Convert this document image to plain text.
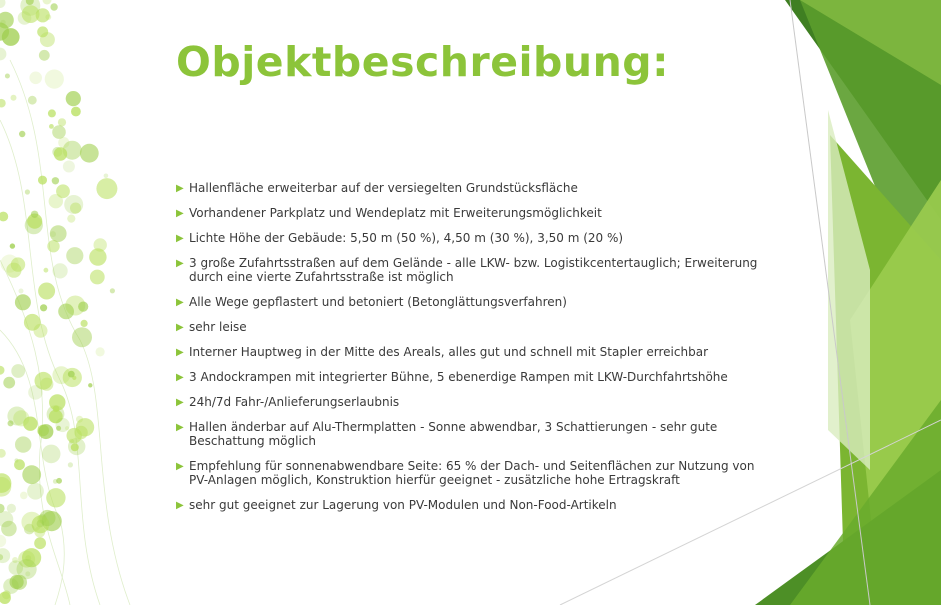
Objektbeschreibung:
▶ Hallenfläche erweiterbar auf der versiegelten Grundstücksfläche
▶ Vorhandener Parkplatz und Wendeplatz mit Erweiterungsmöglichkeit
▶ Lichte Höhe der Gebäude: 5,50 m (50 %), 4,50 m (30 %), 3,50 m (20 %)
▶ 3 große Zufahrtsstraßen auf dem Gelände - alle LKW- bzw. Logistikcentertauglich; Erweiterung durch eine vierte Zufahrtsstraße ist möglich
▶ Alle Wege gepflastert und betoniert (Betonglättungsverfahren)
▶ sehr leise
▶ Interner Hauptweg in der Mitte des Areals, alles gut und schnell mit Stapler erreichbar
▶ 3 Andockrampen mit integrierter Bühne, 5 ebenerdige Rampen mit LKW-Durchfahrtshöhe
▶ 24h/7d Fahr-/Anlieferungserlaubnis
▶ Hallen änderbar auf Alu-Thermplatten - Sonne abwendbar, 3 Schattierungen - sehr gute Beschattung möglich
▶ Empfehlung für sonnenabwendbare Seite: 65 % der Dach- und Seitenflächen zur Nutzung von PV-Anlagen möglich, Konstruktion hierfür geeignet - zusätzliche hohe Ertragskraft
▶ sehr gut geeignet zur Lagerung von PV-Modulen und Non-Food-Artikeln
